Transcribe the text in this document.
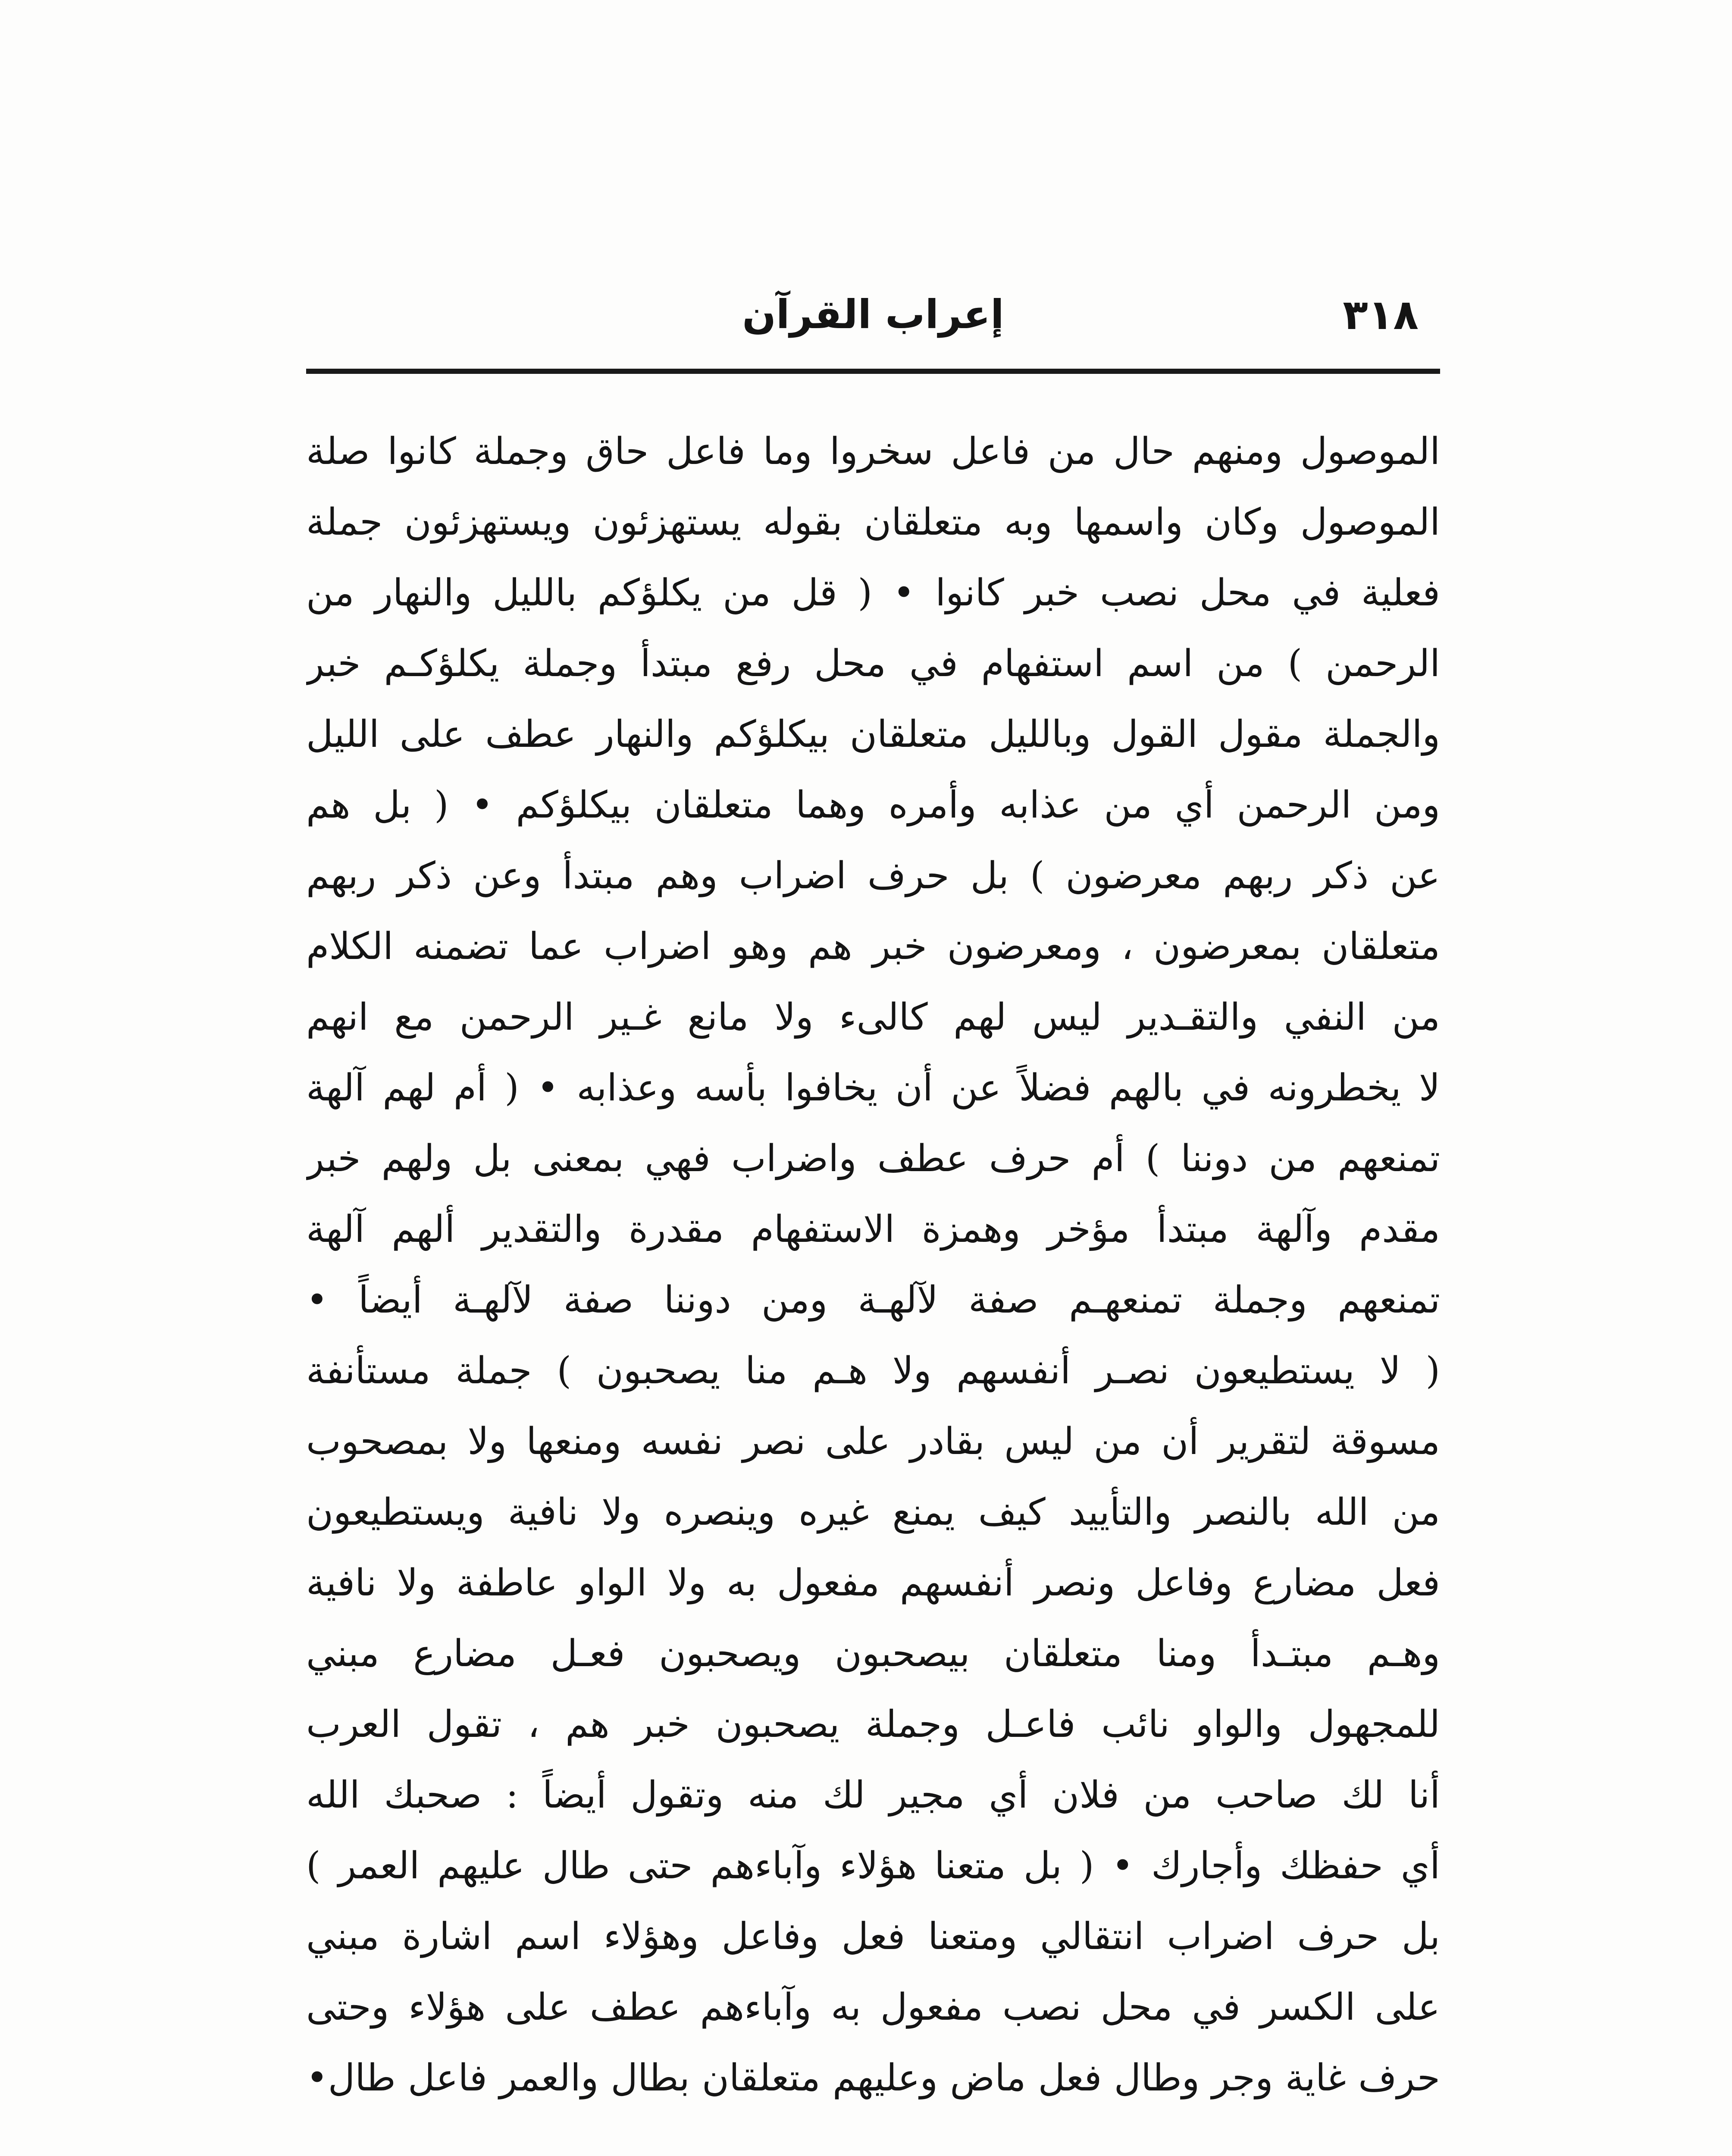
٣١٨
إعراب القرآن
الموصول ومنهم حال من فاعل سخروا وما فاعل حاق وجملة كانوا صلة
الموصول وكان واسمها وبه متعلقان بقوله يستهزئون ويستهزئون جملة
فعلية في محل نصب خبر كانوا • ( قل من يكلؤكم بالليل والنهار من
الرحمن ) من اسم استفهام في محل رفع مبتدأ وجملة يكلؤكـم خبر
والجملة مقول القول وبالليل متعلقان بيكلؤكم والنهار عطف على الليل
ومن الرحمن أي من عذابه وأمره وهما متعلقان بيكلؤكم • ( بل هم
عن ذكر ربهم معرضون ) بل حرف اضراب وهم مبتدأ وعن ذكر ربهم
متعلقان بمعرضون ، ومعرضون خبر هم وهو اضراب عما تضمنه الكلام
من النفي والتقـدير ليس لهم كالىء ولا مانع غـير الرحمن مع انهم
لا يخطرونه في بالهم فضلاً عن أن يخافوا بأسه وعذابه • ( أم لهم آلهة
تمنعهم من دوننا ) أم حرف عطف واضراب فهي بمعنى بل ولهم خبر
مقدم وآلهة مبتدأ مؤخر وهمزة الاستفهام مقدرة والتقدير ألهم آلهة
تمنعهم وجملة تمنعهـم صفة لآلهـة ومن دوننا صفة لآلهـة أيضاً •
( لا يستطيعون نصـر أنفسهم ولا هـم منا يصحبون ) جملة مستأنفة
مسوقة لتقرير أن من ليس بقادر على نصر نفسه ومنعها ولا بمصحوب
من الله بالنصر والتأييد كيف يمنع غيره وينصره ولا نافية ويستطيعون
فعل مضارع وفاعل ونصر أنفسهم مفعول به ولا الواو عاطفة ولا نافية
وهـم مبتـدأ ومنا متعلقان بيصحبون ويصحبون فعـل مضارع مبني
للمجهول والواو نائب فاعـل وجملة يصحبون خبر هم ، تقول العرب
أنا لك صاحب من فلان أي مجير لك منه وتقول أيضاً : صحبك الله
أي حفظك وأجارك • ( بل متعنا هؤلاء وآباءهم حتى طال عليهم العمر )
بل حرف اضراب انتقالي ومتعنا فعل وفاعل وهؤلاء اسم اشارة مبني
على الكسر في محل نصب مفعول به وآباءهم عطف على هؤلاء وحتى
حرف غاية وجر وطال فعل ماض وعليهم متعلقان بطال والعمر فاعل طال•
